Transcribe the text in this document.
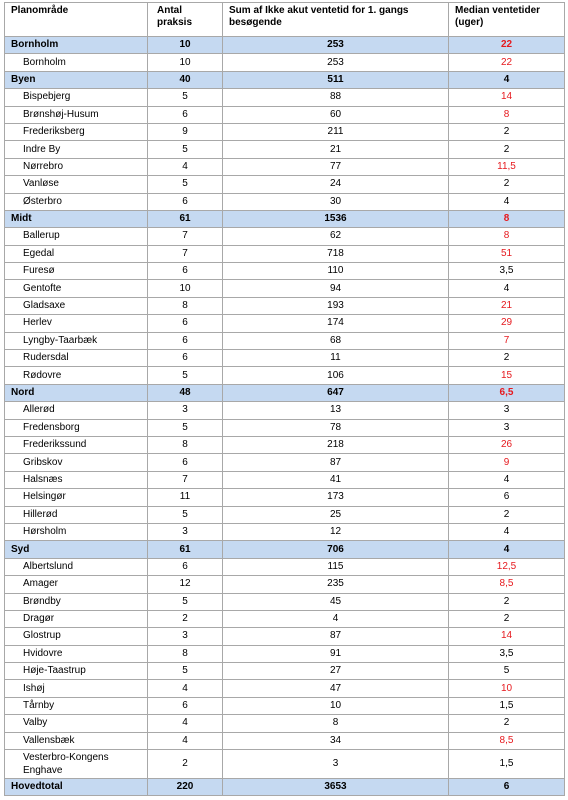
Planområde	Antal praksis	Sum af Ikke akut ventetid for 1. gangs besøgende	Median ventetider (uger)
Bornholm	10	253	22
Bornholm	10	253	22
Byen	40	511	4
Bispebjerg	5	88	14
Brønshøj-Husum	6	60	8
Frederiksberg	9	211	2
Indre By	5	21	2
Nørrebro	4	77	11,5
Vanløse	5	24	2
Østerbro	6	30	4
Midt	61	1536	8
Ballerup	7	62	8
Egedal	7	718	51
Furesø	6	110	3,5
Gentofte	10	94	4
Gladsaxe	8	193	21
Herlev	6	174	29
Lyngby-Taarbæk	6	68	7
Rudersdal	6	11	2
Rødovre	5	106	15
Nord	48	647	6,5
Allerød	3	13	3
Fredensborg	5	78	3
Frederikssund	8	218	26
Gribskov	6	87	9
Halsnæs	7	41	4
Helsingør	11	173	6
Hillerød	5	25	2
Hørsholm	3	12	4
Syd	61	706	4
Albertslund	6	115	12,5
Amager	12	235	8,5
Brøndby	5	45	2
Dragør	2	4	2
Glostrup	3	87	14
Hvidovre	8	91	3,5
Høje-Taastrup	5	27	5
Ishøj	4	47	10
Tårnby	6	10	1,5
Valby	4	8	2
Vallensbæk	4	34	8,5
Vesterbro-Kongens Enghave	2	3	1,5
Hovedtotal	220	3653	6
